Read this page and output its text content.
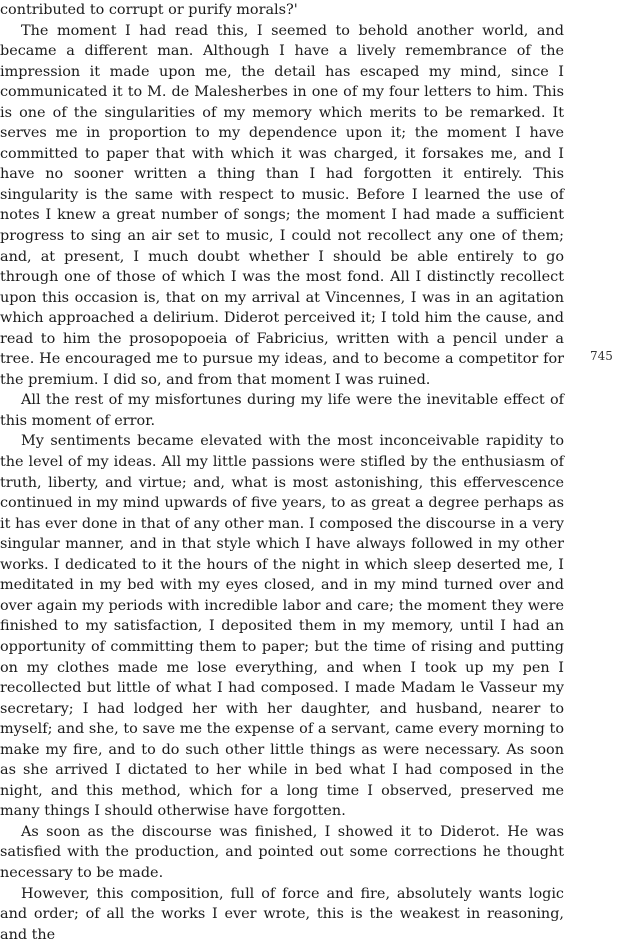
contributed to corrupt or purify morals?'

The moment I had read this, I seemed to behold another world, and became a different man. Although I have a lively remembrance of the impression it made upon me, the detail has escaped my mind, since I communicated it to M. de Malesherbes in one of my four letters to him. This is one of the singularities of my memory which merits to be remarked. It serves me in proportion to my dependence upon it; the moment I have committed to paper that with which it was charged, it forsakes me, and I have no sooner written a thing than I had forgotten it entirely. This singularity is the same with respect to music. Before I learned the use of notes I knew a great number of songs; the moment I had made a sufficient progress to sing an air set to music, I could not recollect any one of them; and, at present, I much doubt whether I should be able entirely to go through one of those of which I was the most fond. All I distinctly recollect upon this occasion is, that on my arrival at Vincennes, I was in an agitation which approached a delirium. Diderot perceived it; I told him the cause, and read to him the prosopopoeia of Fabricius, written with a pencil under a tree. He encouraged me to pursue my ideas, and to become a competitor for the premium. I did so, and from that moment I was ruined.

All the rest of my misfortunes during my life were the inevitable effect of this moment of error.

My sentiments became elevated with the most inconceivable rapidity to the level of my ideas. All my little passions were stifled by the enthusiasm of truth, liberty, and virtue; and, what is most astonishing, this effervescence continued in my mind upwards of five years, to as great a degree perhaps as it has ever done in that of any other man. I composed the discourse in a very singular manner, and in that style which I have always followed in my other works. I dedicated to it the hours of the night in which sleep deserted me, I meditated in my bed with my eyes closed, and in my mind turned over and over again my periods with incredible labor and care; the moment they were finished to my satisfaction, I deposited them in my memory, until I had an opportunity of committing them to paper; but the time of rising and putting on my clothes made me lose everything, and when I took up my pen I recollected but little of what I had composed. I made Madam le Vasseur my secretary; I had lodged her with her daughter, and husband, nearer to myself; and she, to save me the expense of a servant, came every morning to make my fire, and to do such other little things as were necessary. As soon as she arrived I dictated to her while in bed what I had composed in the night, and this method, which for a long time I observed, preserved me many things I should otherwise have forgotten.

As soon as the discourse was finished, I showed it to Diderot. He was satisfied with the production, and pointed out some corrections he thought necessary to be made.

However, this composition, full of force and fire, absolutely wants logic and order; of all the works I ever wrote, this is the weakest in reasoning, and the

745
